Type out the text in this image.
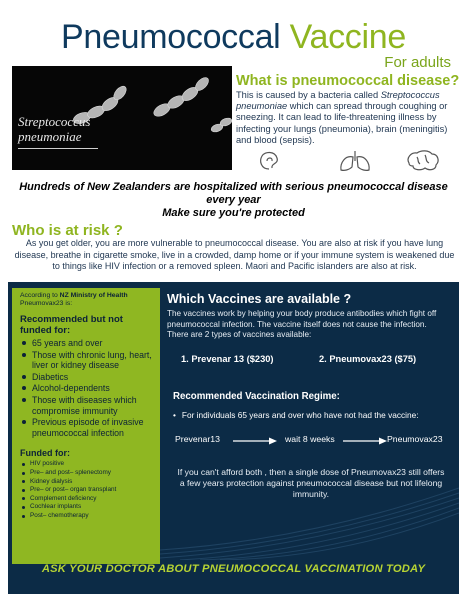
Pneumococcal Vaccine
For adults
Streptococcus
pneumoniae
What is pneumococcal disease?
This is caused by a bacteria called Streptococcus pneumoniae which can spread through coughing or sneezing. It can lead to life-threatening illness by infecting your lungs (pneumonia), brain (meningitis) and blood (sepsis).
Hundreds of New Zealanders are hospitalized with serious pneumococcal disease
every year
Make sure you're protected
Who is at risk ?
As you get older, you are more vulnerable to pneumococcal disease. You are also at risk if you have lung disease, breathe in cigarette smoke, live in a crowded, damp home or if your immune system is weakened due to things like HIV infection or a removed spleen. Maori and Pacific islanders are also at risk.
According to NZ Ministry of Health
Pneumovax23 is:
Recommended but not funded for:
65 years and over
Those with chronic lung, heart, liver or kidney disease
Diabetics
Alcohol-dependents
Those with diseases which compromise immunity
Previous episode of invasive pneumococcal infection
Funded for:
HIV positive
Pre– and post– splenectomy
Kidney dialysis
Pre– or post– organ transplant
Complement deficiency
Cochlear implants
Post– chemotherapy
Which Vaccines are available ?
The vaccines work by helping your body produce antibodies which fight off pneumococcal infection. The vaccine itself does not cause the infection. There are 2 types of vaccines available:
1. Prevenar 13 ($230)	2. Pneumovax23 ($75)
Recommended Vaccination Regime:
• For individuals 65 years and over who have not had the vaccine:
Prevenar13	wait 8 weeks	Pneumovax23
If you can't afford both , then a single dose of Pneumovax23 still offers a few years protection against pneumococcal disease but not lifelong immunity.
ASK YOUR DOCTOR ABOUT PNEUMOCOCCAL VACCINATION TODAY
